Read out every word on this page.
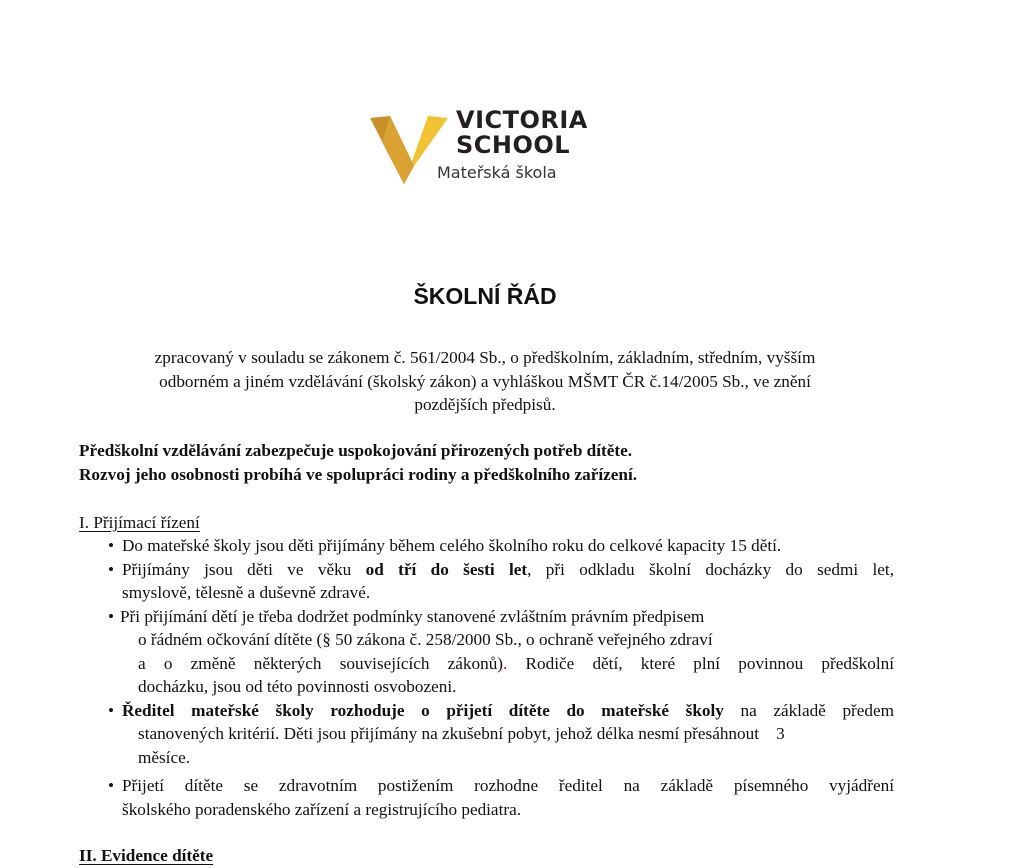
VICTORIA
SCHOOL
Mateřská škola
ŠKOLNÍ ŘÁD
zpracovaný v souladu se zákonem č. 561/2004 Sb., o předškolním, základním, středním, vyšším
odborném a jiném vzdělávání (školský zákon) a vyhláškou MŠMT ČR č.14/2005 Sb., ve znění
pozdějších předpisů.
Předškolní vzdělávání zabezpečuje uspokojování přirozených potřeb dítěte.
Rozvoj jeho osobnosti probíhá ve spolupráci rodiny a předškolního zařízení.
I. Přijímací řízení
• Do mateřské školy jsou děti přijímány během celého školního roku do celkové kapacity 15 dětí.
• Přijímány jsou děti ve věku od tří do šesti let, při odkladu školní docházky do sedmi let,
smyslově, tělesně a duševně zdravé.
• Při přijímání dětí je třeba dodržet podmínky stanovené zvláštním právním předpisem
o řádném očkování dítěte (§ 50 zákona č. 258/2000 Sb., o ochraně veřejného zdraví
a o změně některých souvisejících zákonů). Rodiče dětí, které plní povinnou předškolní
docházku, jsou od této povinnosti osvobozeni.
• Ředitel mateřské školy rozhoduje o přijetí dítěte do mateřské školy na základě předem
stanovených kritérií. Děti jsou přijímány na zkušební pobyt, jehož délka nesmí přesáhnout    3
měsíce.
• Přijetí dítěte se zdravotním postižením rozhodne ředitel na základě písemného vyjádření
školského poradenského zařízení a registrujícího pediatra.
II. Evidence dítěte
